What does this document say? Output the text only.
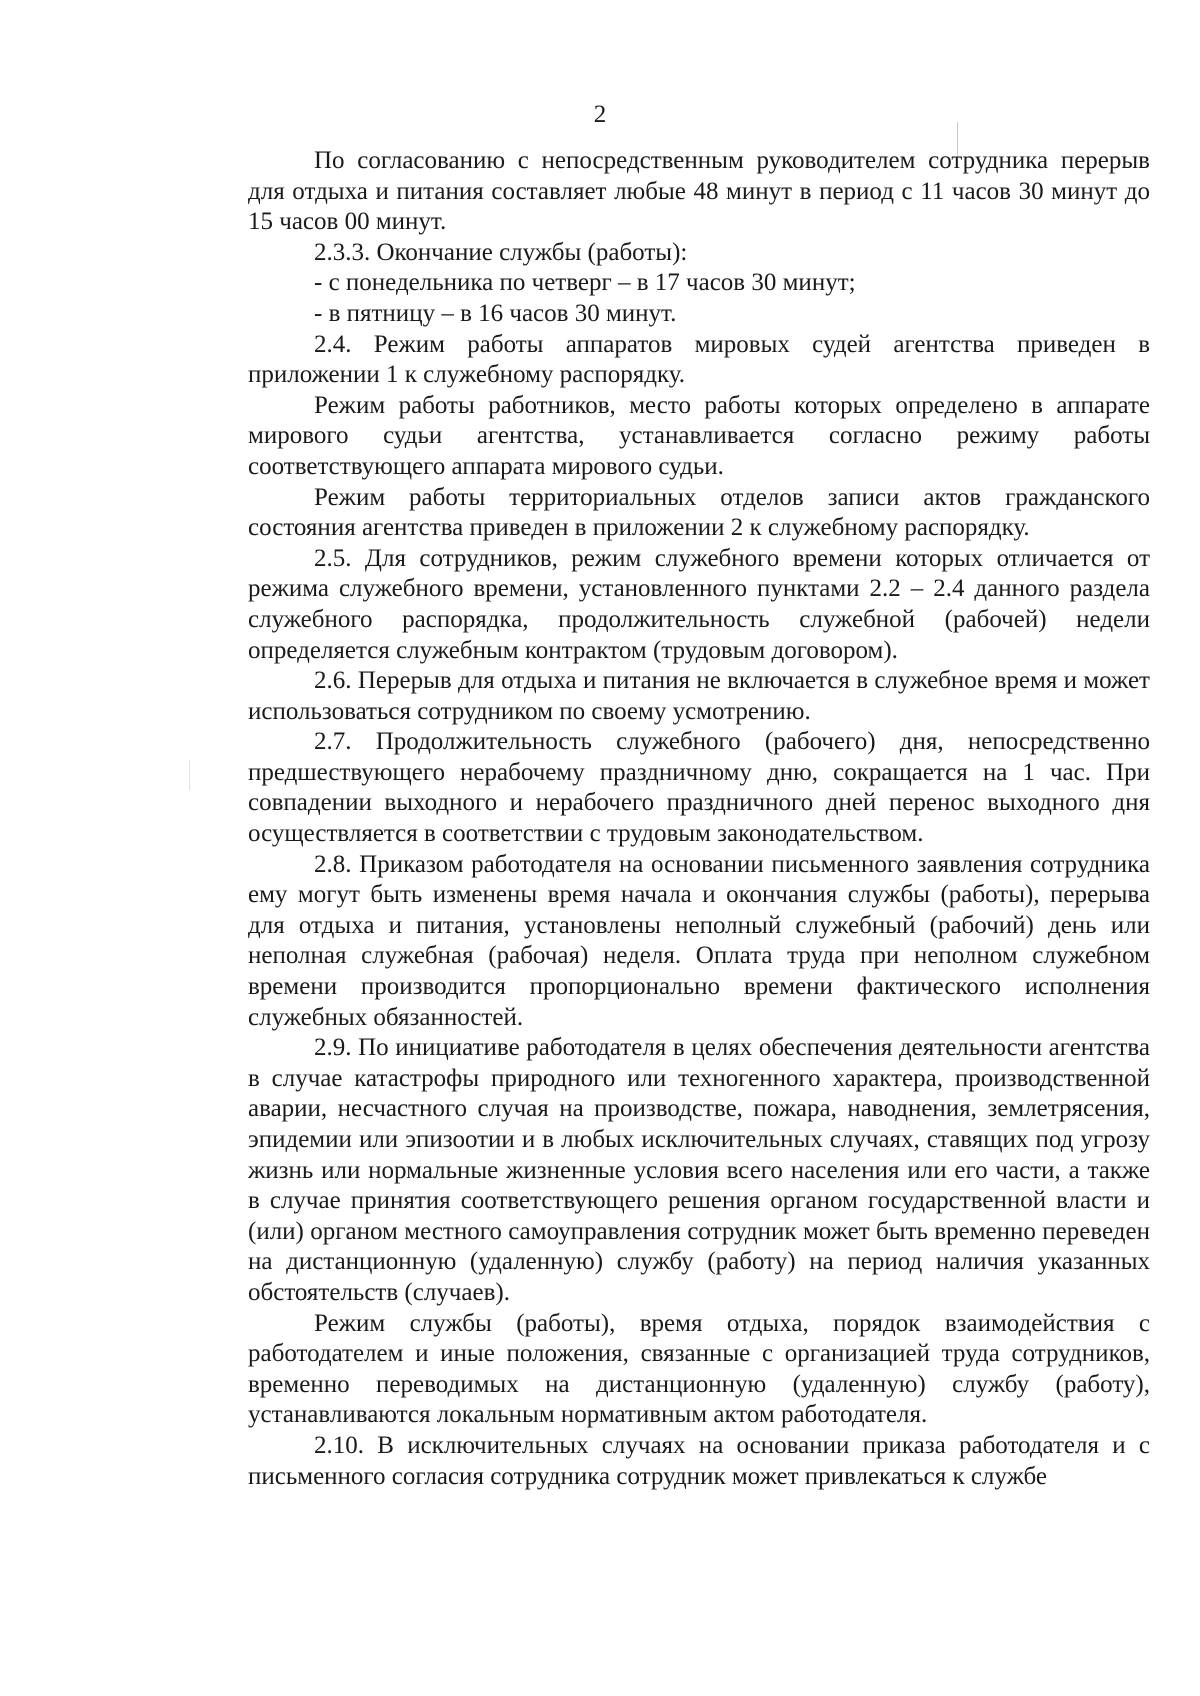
2

По согласованию с непосредственным руководителем сотрудника перерыв для отдыха и питания составляет любые 48 минут в период с 11 часов 30 минут до 15 часов 00 минут.

2.3.3. Окончание службы (работы):

- с понедельника по четверг – в 17 часов 30 минут;

- в пятницу – в 16 часов 30 минут.

2.4. Режим работы аппаратов мировых судей агентства приведен в приложении 1 к служебному распорядку.

Режим работы работников, место работы которых определено в аппарате мирового судьи агентства, устанавливается согласно режиму работы соответствующего аппарата мирового судьи.

Режим работы территориальных отделов записи актов гражданского состояния агентства приведен в приложении 2 к служебному распорядку.

2.5. Для сотрудников, режим служебного времени которых отличается от режима служебного времени, установленного пунктами 2.2 – 2.4 данного раздела служебного распорядка, продолжительность служебной (рабочей) недели определяется служебным контрактом (трудовым договором).

2.6. Перерыв для отдыха и питания не включается в служебное время и может использоваться сотрудником по своему усмотрению.

2.7. Продолжительность служебного (рабочего) дня, непосредственно предшествующего нерабочему праздничному дню, сокращается на 1 час. При совпадении выходного и нерабочего праздничного дней перенос выходного дня осуществляется в соответствии с трудовым законодательством.

2.8. Приказом работодателя на основании письменного заявления сотрудника ему могут быть изменены время начала и окончания службы (работы), перерыва для отдыха и питания, установлены неполный служебный (рабочий) день или неполная служебная (рабочая) неделя. Оплата труда при неполном служебном времени производится пропорционально времени фактического исполнения служебных обязанностей.

2.9. По инициативе работодателя в целях обеспечения деятельности агентства в случае катастрофы природного или техногенного характера, производственной аварии, несчастного случая на производстве, пожара, наводнения, землетрясения, эпидемии или эпизоотии и в любых исключительных случаях, ставящих под угрозу жизнь или нормальные жизненные условия всего населения или его части, а также в случае принятия соответствующего решения органом государственной власти и (или) органом местного самоуправления сотрудник может быть временно переведен на дистанционную (удаленную) службу (работу) на период наличия указанных обстоятельств (случаев).

Режим службы (работы), время отдыха, порядок взаимодействия с работодателем и иные положения, связанные с организацией труда сотрудников, временно переводимых на дистанционную (удаленную) службу (работу), устанавливаются локальным нормативным актом работодателя.

2.10. В исключительных случаях на основании приказа работодателя и с письменного согласия сотрудника сотрудник может привлекаться к службе
